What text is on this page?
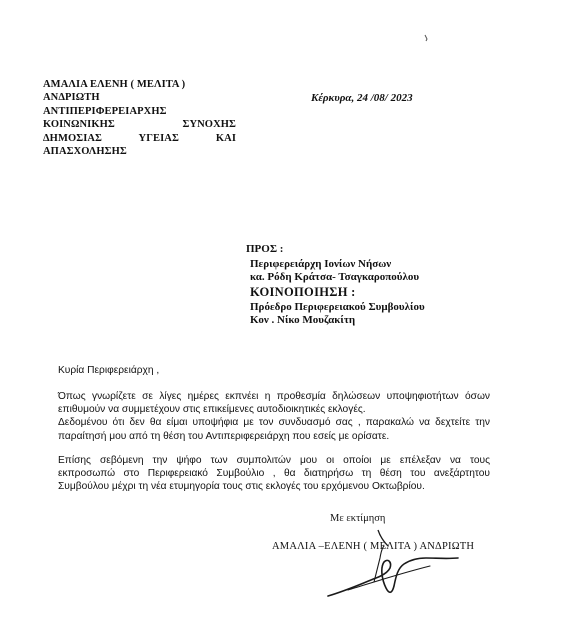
ΑΜΑΛΙΑ ΕΛΕΝΗ ( ΜΕΛΙΤΑ )
ΑΝΔΡΙΩΤΗ
ΑΝΤΙΠΕΡΙΦΕΡΕΙΑΡΧΗΣ
ΚΟΙΝΩΝΙΚΗΣ ΣΥΝΟΧΗΣ
ΔΗΜΟΣΙΑΣ ΥΓΕΙΑΣ ΚΑΙ
ΑΠΑΣΧΟΛΗΣΗΣ
Κέρκυρα, 24 /08/ 2023
ΠΡΟΣ :
Περιφερειάρχη Ιονίων Νήσων
κα. Ρόδη Κράτσα- Τσαγκαροπούλου
ΚΟΙΝΟΠΟΙΗΣΗ :
Πρόεδρο Περιφερειακού Συμβουλίου
Κον . Νίκο Μουζακίτη
Κυρία Περιφερειάρχη ,
Όπως γνωρίζετε σε λίγες ημέρες εκπνέει η προθεσμία δηλώσεων υποψηφιοτήτων όσων
επιθυμούν να συμμετέχουν στις επικείμενες αυτοδιοικητικές εκλογές.
Δεδομένου ότι δεν θα είμαι υποψήφια με τον συνδυασμό σας , παρακαλώ να δεχτείτε την
παραίτησή μου από τη θέση του Αντιπεριφερειάρχη που εσείς με ορίσατε.
Επίσης σεβόμενη την ψήφο των συμπολιτών μου οι οποίοι με επέλεξαν να τους
εκπροσωπώ στο Περιφερειακό Συμβούλιο , θα διατηρήσω τη θέση του ανεξάρτητου
Συμβούλου μέχρι τη νέα ετυμηγορία τους στις εκλογές του ερχόμενου Οκτωβρίου.
Με εκτίμηση
ΑΜΑΛΙΑ –ΕΛΕΝΗ ( ΜΕΛΙΤΑ ) ΑΝΔΡΙΩΤΗ
